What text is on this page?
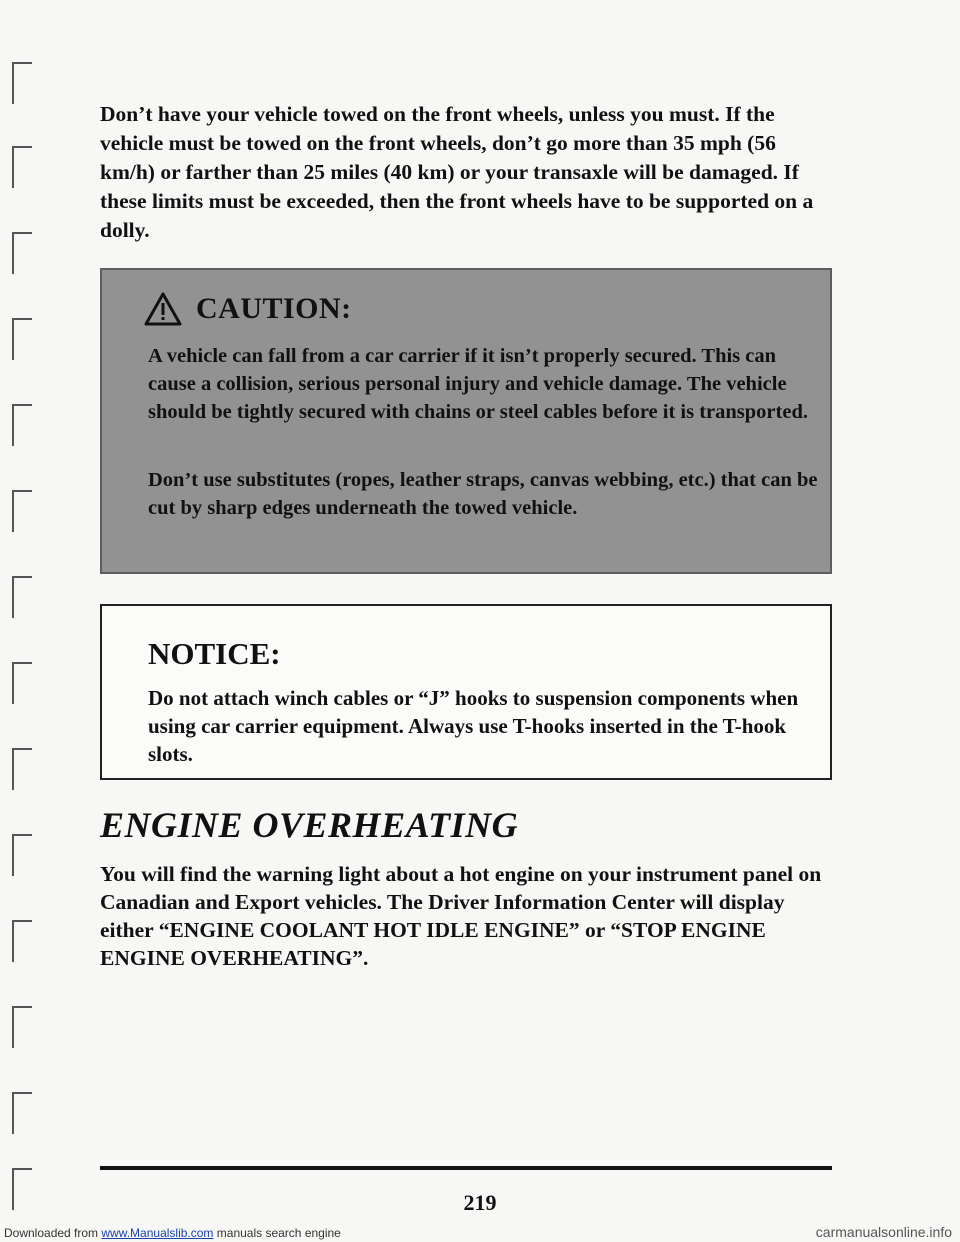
Don’t have your vehicle towed on the front wheels, unless you must. If the vehicle must be towed on the front wheels, don’t go more than 35 mph (56 km/h) or farther than 25 miles (40 km) or your transaxle will be damaged. If these limits must be exceeded, then the front wheels have to be supported on a dolly.

CAUTION:

A vehicle can fall from a car carrier if it isn’t properly secured. This can cause a collision, serious personal injury and vehicle damage. The vehicle should be tightly secured with chains or steel cables before it is transported.

Don’t use substitutes (ropes, leather straps, canvas webbing, etc.) that can be cut by sharp edges underneath the towed vehicle.

NOTICE:

Do not attach winch cables or “J” hooks to suspension components when using car carrier equipment. Always use T-hooks inserted in the T-hook slots.

ENGINE OVERHEATING

You will find the warning light about a hot engine on your instrument panel on Canadian and Export vehicles. The Driver Information Center will display either “ENGINE COOLANT HOT IDLE ENGINE” or “STOP ENGINE ENGINE OVERHEATING”.

219
Downloaded from www.Manualslib.com manuals search engine	carmanualsonline.info
